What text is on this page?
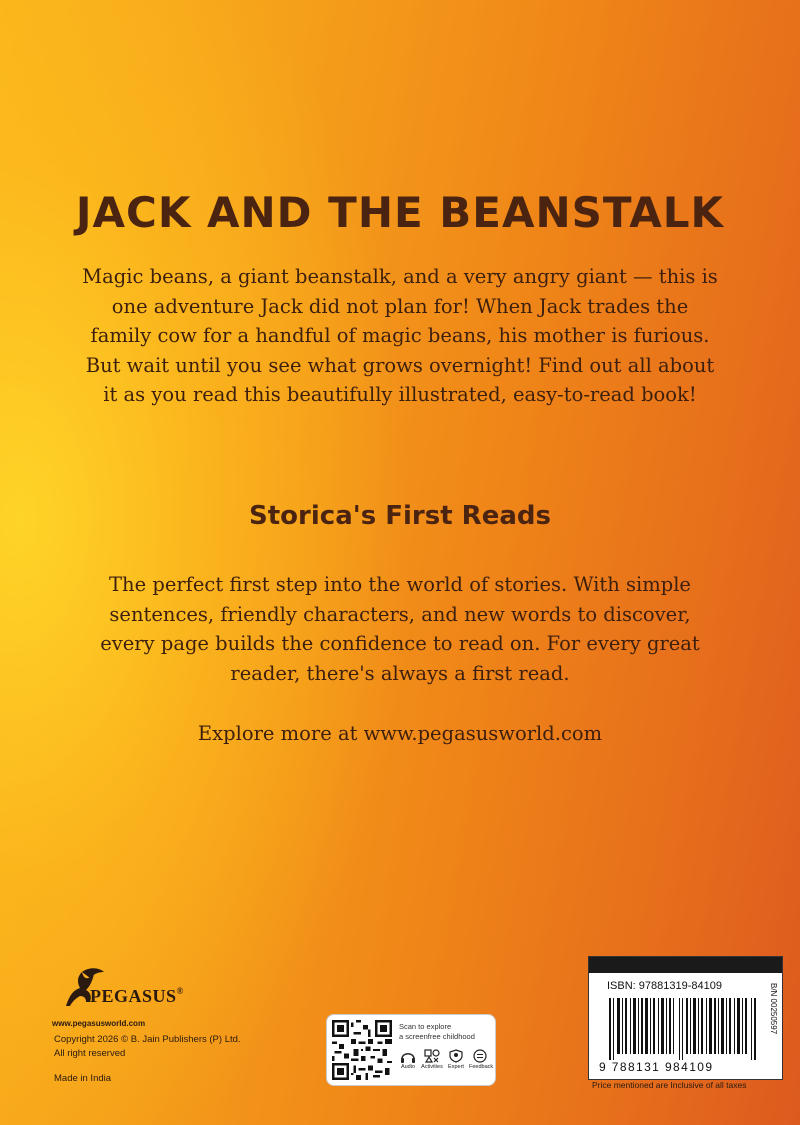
JACK AND THE BEANSTALK

Magic beans, a giant beanstalk, and a very angry giant — this is one adventure Jack did not plan for! When Jack trades the family cow for a handful of magic beans, his mother is furious. But wait until you see what grows overnight! Find out all about it as you read this beautifully illustrated, easy-to-read book!

Storica's First Reads

The perfect first step into the world of stories. With simple sentences, friendly characters, and new words to discover, every page builds the confidence to read on. For every great reader, there's always a first read.

Explore more at www.pegasusworld.com

PEGASUS®
www.pegasusworld.com
Copyright 2026 © B. Jain Publishers (P) Ltd.
All right reserved
Made in India
Scan to explore
a screenfree childhood
Audio	Activities Expert Feedback
ISBN: 97881319-84109
9 788131 984109
B/N 00250597
Price mentioned are Inclusive of all taxes
